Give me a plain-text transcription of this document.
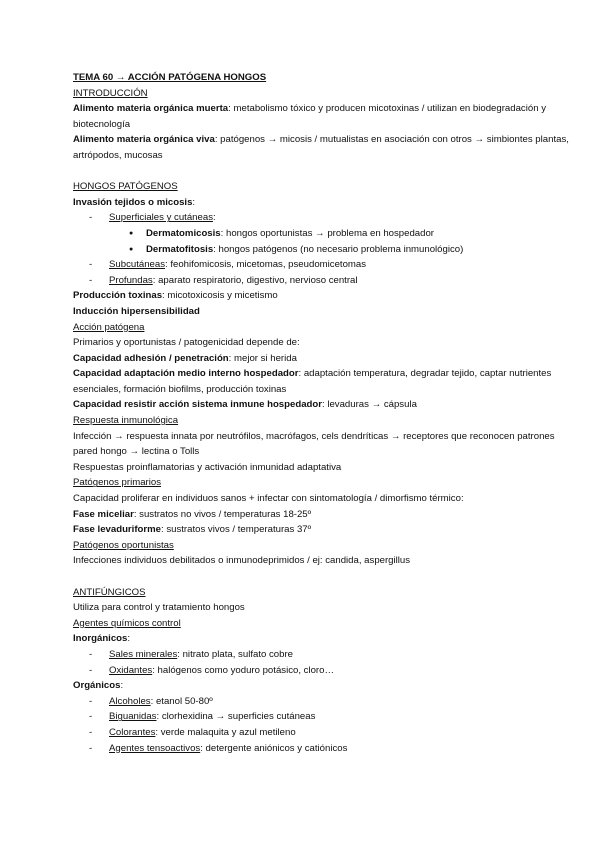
TEMA 60 → ACCIÓN PATÓGENA HONGOS
INTRODUCCIÓN
Alimento materia orgánica muerta: metabolismo tóxico y producen micotoxinas / utilizan en biodegradación y biotecnología
Alimento materia orgánica viva: patógenos → micosis / mutualistas en asociación con otros → simbiontes plantas, artrópodos, mucosas
HONGOS PATÓGENOS
Invasión tejidos o micosis:
- Superficiales y cutáneas:
● Dermatomicosis: hongos oportunistas → problema en hospedador
● Dermatofitosis: hongos patógenos (no necesario problema inmunológico)
- Subcutáneas: feohifomicosis, micetomas, pseudomicetomas
- Profundas: aparato respiratorio, digestivo, nervioso central
Producción toxinas: micotoxicosis y micetismo
Inducción hipersensibilidad
Acción patógena
Primarios y oportunistas / patogenicidad depende de:
Capacidad adhesión / penetración: mejor si herida
Capacidad adaptación medio interno hospedador: adaptación temperatura, degradar tejido, captar nutrientes esenciales, formación biofilms, producción toxinas
Capacidad resistir acción sistema inmune hospedador: levaduras → cápsula
Respuesta inmunológica
Infección → respuesta innata por neutrófilos, macrófagos, cels dendríticas → receptores que reconocen patrones pared hongo → lectina o Tolls
Respuestas proinflamatorias y activación inmunidad adaptativa
Patógenos primarios
Capacidad proliferar en individuos sanos + infectar con sintomatología / dimorfismo térmico:
Fase miceliar: sustratos no vivos / temperaturas 18-25º
Fase levaduriforme: sustratos vivos / temperaturas 37º
Patógenos oportunistas
Infecciones individuos debilitados o inmunodeprimidos / ej: candida, aspergillus
ANTIFÚNGICOS
Utiliza para control y tratamiento hongos
Agentes químicos control
Inorgánicos:
- Sales minerales: nitrato plata, sulfato cobre
- Oxidantes: halógenos como yoduro potásico, cloro…
Orgánicos:
- Alcoholes: etanol 50-80º
- Biguanidas: clorhexidina → superficies cutáneas
- Colorantes: verde malaquita y azul metileno
- Agentes tensoactivos: detergente aniónicos y catiónicos
